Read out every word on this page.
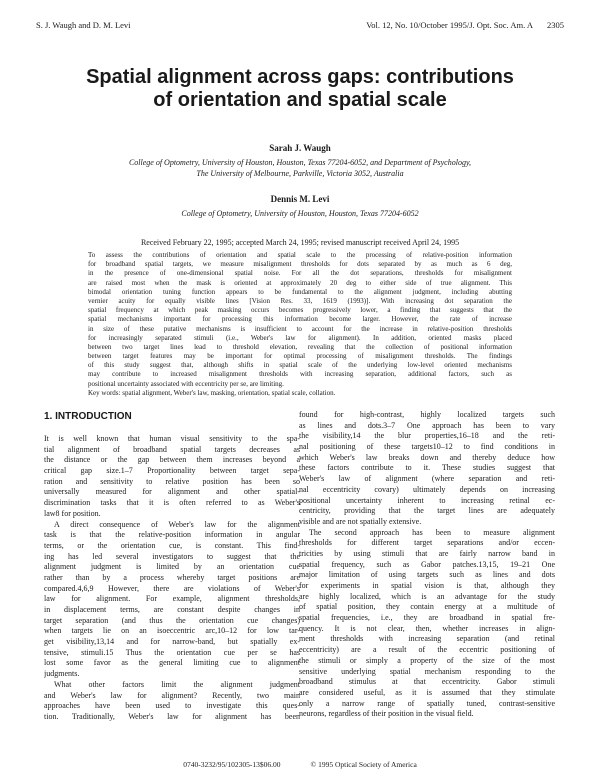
S. J. Waugh and D. M. Levi	Vol. 12, No. 10/October 1995/J. Opt. Soc. Am. A 2305
Spatial alignment across gaps: contributions
of orientation and spatial scale
Sarah J. Waugh
College of Optometry, University of Houston, Houston, Texas 77204-6052, and Department of Psychology,
The University of Melbourne, Parkville, Victoria 3052, Australia
Dennis M. Levi
College of Optometry, University of Houston, Houston, Texas 77204-6052
Received February 22, 1995; accepted March 24, 1995; revised manuscript received April 24, 1995
To assess the contributions of orientation and spatial scale to the processing of relative-position information
for broadband spatial targets, we measure misalignment thresholds for dots separated by as much as 6 deg,
in the presence of one-dimensional spatial noise. For all the dot separations, thresholds for misalignment
are raised most when the mask is oriented at approximately 20 deg to either side of true alignment. This
bimodal orientation tuning function appears to be fundamental to the alignment judgment, including abutting
vernier acuity for equally visible lines [Vision Res. 33, 1619 (1993)]. With increasing dot separation the
spatial frequency at which peak masking occurs becomes progressively lower, a finding that suggests that the
spatial mechanisms important for processing this information become larger. However, the rate of increase
in size of these putative mechanisms is insufficient to account for the increase in relative-position thresholds
for increasingly separated stimuli (i.e., Weber's law for alignment). In addition, oriented masks placed
between two target lines lead to threshold elevation, revealing that the collection of positional information
between target features may be important for optimal processing of misalignment thresholds. The findings
of this study suggest that, although shifts in spatial scale of the underlying low-level oriented mechanisms
may contribute to increased misalignment thresholds with increasing separation, additional factors, such as
positional uncertainty associated with eccentricity per se, are limiting.
Key words: spatial alignment, Weber's law, masking, orientation, spatial scale, collation.
1. INTRODUCTION
It is well known that human visual sensitivity to the spa-
tial alignment of broadband spatial targets decreases as
the distance or the gap between them increases beyond a
critical gap size.1–7 Proportionality between target sepa-
ration and sensitivity to relative position has been so
universally measured for alignment and other spatial-
discrimination tasks that it is often referred to as Weber's
law8 for position.
A direct consequence of Weber's law for the alignment
task is that the relative-position information in angular
terms, or the orientation cue, is constant. This find-
ing has led several investigators to suggest that the
alignment judgment is limited by an orientation cue
rather than by a process whereby target positions are
compared.4,6,9 However, there are violations of Weber's
law for alignment. For example, alignment thresholds,
in displacement terms, are constant despite changes in
target separation (and thus the orientation cue changes)
when targets lie on an isoeccentric arc,10–12 for low tar-
get visibility,13,14 and for narrow-band, but spatially ex-
tensive, stimuli.15 Thus the orientation cue per se has
lost some favor as the general limiting cue to alignment
judgments.
What other factors limit the alignment judgment
and Weber's law for alignment? Recently, two main
approaches have been used to investigate this ques-
tion. Traditionally, Weber's law for alignment has been
found for high-contrast, highly localized targets such
as lines and dots.3–7 One approach has been to vary
the visibility,14 the blur properties,16–18 and the reti-
nal positioning of these targets10–12 to find conditions in
which Weber's law breaks down and thereby deduce how
these factors contribute to it. These studies suggest that
Weber's law of alignment (where separation and reti-
nal eccentricity covary) ultimately depends on increasing
positional uncertainty inherent to increasing retinal ec-
centricity, providing that the target lines are adequately
visible and are not spatially extensive.
The second approach has been to measure alignment
thresholds for different target separations and/or eccen-
tricities by using stimuli that are fairly narrow band in
spatial frequency, such as Gabor patches.13,15, 19–21 One
major limitation of using targets such as lines and dots
for experiments in spatial vision is that, although they
are highly localized, which is an advantage for the study
of spatial position, they contain energy at a multitude of
spatial frequencies, i.e., they are broadband in spatial fre-
quency. It is not clear, then, whether increases in align-
ment thresholds with increasing separation (and retinal
eccentricity) are a result of the eccentric positioning of
the stimuli or simply a property of the size of the most
sensitive underlying spatial mechanism responding to the
broadband stimulus at that eccentricity. Gabor stimuli
are considered useful, as it is assumed that they stimulate
only a narrow range of spatially tuned, contrast-sensitive
neurons, regardless of their position in the visual field.
0740-3232/95/102305-13$06.00	© 1995 Optical Society of America
